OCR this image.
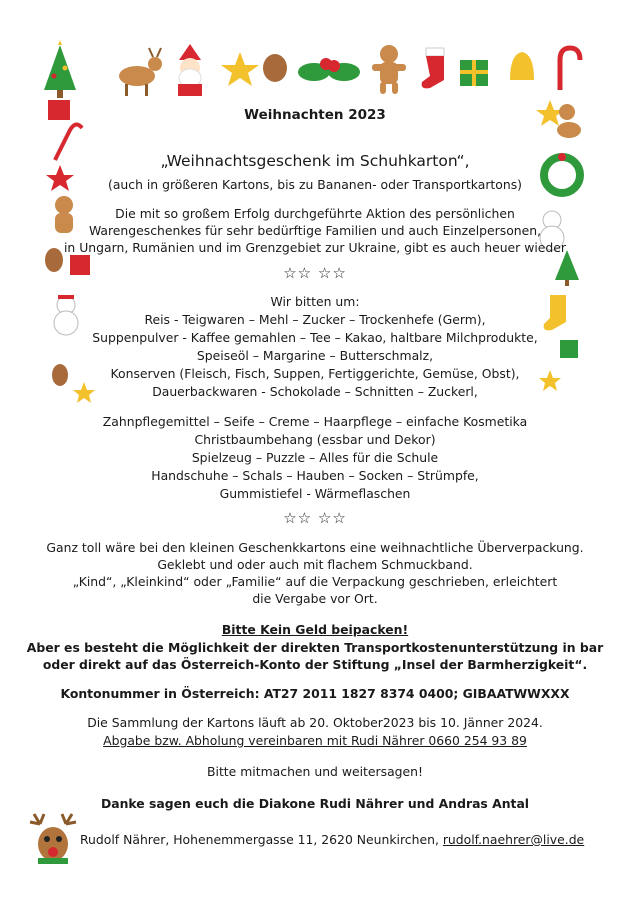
Weihnachten 2023
„Weihnachtsgeschenk im Schuhkarton“,
(auch in größeren Kartons, bis zu Bananen- oder Transportkartons)
Die mit so großem Erfolg durchgeführte Aktion des persönlichen
Warengeschenkes für sehr bedürftige Familien und auch Einzelpersonen,
in Ungarn, Rumänien und im Grenzgebiet zur Ukraine, gibt es auch heuer wieder
☆☆ ☆☆
Wir bitten um:
Reis - Teigwaren – Mehl – Zucker – Trockenhefe (Germ),
Suppenpulver - Kaffee gemahlen – Tee – Kakao, haltbare Milchprodukte,
Speiseöl – Margarine – Butterschmalz,
Konserven (Fleisch, Fisch, Suppen, Fertiggerichte, Gemüse, Obst),
Dauerbackwaren - Schokolade – Schnitten – Zuckerl,
Zahnpflegemittel – Seife – Creme – Haarpflege – einfache Kosmetika
Christbaumbehang (essbar und Dekor)
Spielzeug – Puzzle – Alles für die Schule
Handschuhe – Schals – Hauben – Socken – Strümpfe,
Gummistiefel - Wärmeflaschen
☆☆ ☆☆
Ganz toll wäre bei den kleinen Geschenkkartons eine weihnachtliche Überverpackung.
Geklebt und oder auch mit flachem Schmuckband.
„Kind“, „Kleinkind“ oder „Familie“ auf die Verpackung geschrieben, erleichtert
die Vergabe vor Ort.
Bitte Kein Geld beipacken!
Aber es besteht die Möglichkeit der direkten Transportkostenunterstützung in bar
oder direkt auf das Österreich-Konto der Stiftung „Insel der Barmherzigkeit“.
Kontonummer in Österreich: AT27 2011 1827 8374 0400; GIBAATWWXXX
Die Sammlung der Kartons läuft ab 20. Oktober2023 bis 10. Jänner 2024.
Abgabe bzw. Abholung vereinbaren mit Rudi Nährer 0660 254 93 89
Bitte mitmachen und weitersagen!
Danke sagen euch die Diakone Rudi Nährer und Andras Antal
Rudolf Nährer, Hohenemmergasse 11, 2620 Neunkirchen, rudolf.naehrer@live.de
